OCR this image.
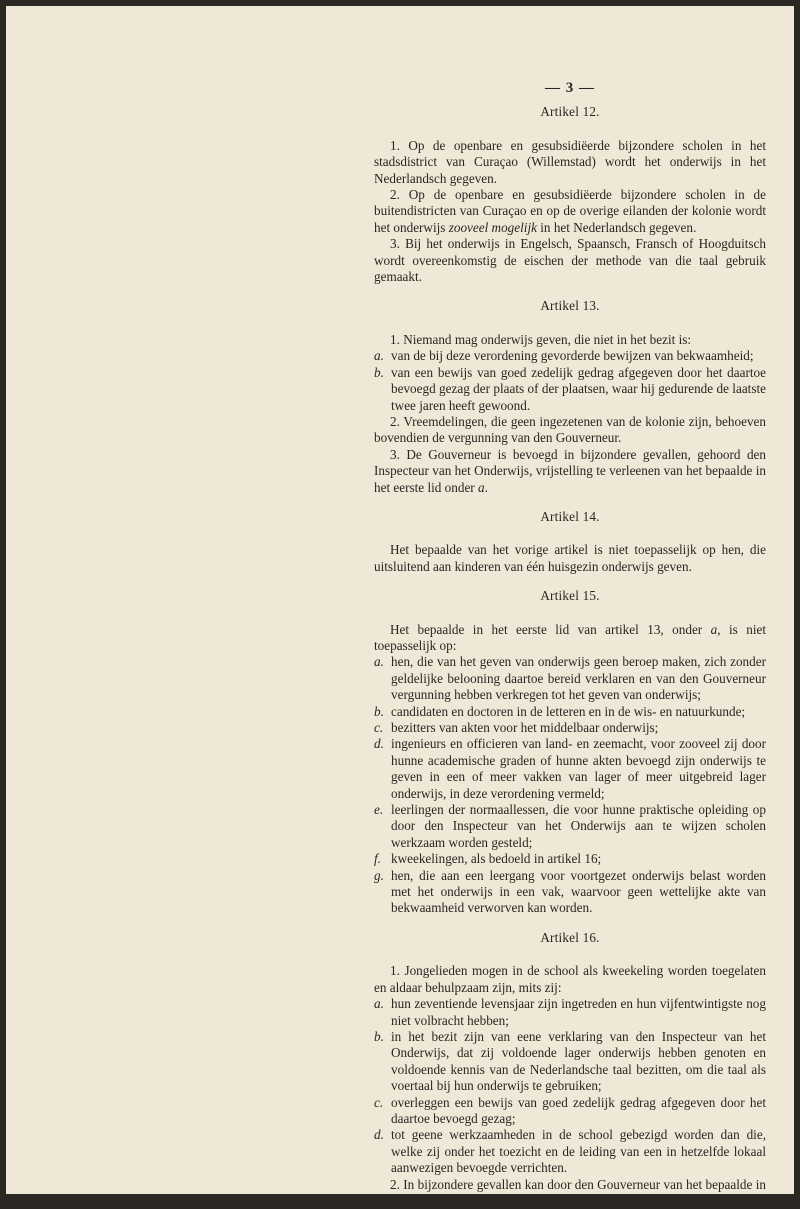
— 3 —
Artikel 12.

1. Op de openbare en gesubsidiëerde bijzondere scholen in het stadsdistrict van Curaçao (Willemstad) wordt het onderwijs in het Nederlandsch gegeven.

2. Op de openbare en gesubsidiëerde bijzondere scholen in de buitendistricten van Curaçao en op de overige eilanden der kolonie wordt het onderwijs zooveel mogelijk in het Nederlandsch gegeven.

3. Bij het onderwijs in Engelsch, Spaansch, Fransch of Hoogduitsch wordt overeenkomstig de eischen der methode van die taal gebruik gemaakt.

Artikel 13.

1. Niemand mag onderwijs geven, die niet in het bezit is:

a. van de bij deze verordening gevorderde bewijzen van bekwaamheid;
b. van een bewijs van goed zedelijk gedrag afgegeven door het daartoe bevoegd gezag der plaats of der plaatsen, waar hij gedurende de laatste twee jaren heeft gewoond.

2. Vreemdelingen, die geen ingezetenen van de kolonie zijn, behoeven bovendien de vergunning van den Gouverneur.

3. De Gouverneur is bevoegd in bijzondere gevallen, gehoord den Inspecteur van het Onderwijs, vrijstelling te verleenen van het bepaalde in het eerste lid onder a.

Artikel 14.

Het bepaalde van het vorige artikel is niet toepasselijk op hen, die uitsluitend aan kinderen van één huisgezin onderwijs geven.

Artikel 15.

Het bepaalde in het eerste lid van artikel 13, onder a, is niet toepasselijk op:

a. hen, die van het geven van onderwijs geen beroep maken, zich zonder geldelijke belooning daartoe bereid verklaren en van den Gouverneur vergunning hebben verkregen tot het geven van onderwijs;
b. candidaten en doctoren in de letteren en in de wis- en natuurkunde;
c. bezitters van akten voor het middelbaar onderwijs;
d. ingenieurs en officieren van land- en zeemacht, voor zooveel zij door hunne academische graden of hunne akten bevoegd zijn onderwijs te geven in een of meer vakken van lager of meer uitgebreid lager onderwijs, in deze verordening vermeld;
e. leerlingen der normaallessen, die voor hunne praktische opleiding op door den Inspecteur van het Onderwijs aan te wijzen scholen werkzaam worden gesteld;
f. kweekelingen, als bedoeld in artikel 16;
g. hen, die aan een leergang voor voortgezet onderwijs belast worden met het onderwijs in een vak, waarvoor geen wettelijke akte van bekwaamheid verworven kan worden.
Artikel 16.

1. Jongelieden mogen in de school als kweekeling worden toegelaten en aldaar behulpzaam zijn, mits zij:

a. hun zeventiende levensjaar zijn ingetreden en hun vijfentwintigste nog niet volbracht hebben;
b. in het bezit zijn van eene verklaring van den Inspecteur van het Onderwijs, dat zij voldoende lager onderwijs hebben genoten en voldoende kennis van de Nederlandsche taal bezitten, om die taal als voertaal bij hun onderwijs te gebruiken;
c. overleggen een bewijs van goed zedelijk gedrag afgegeven door het daartoe bevoegd gezag;
d. tot geene werkzaamheden in de school gebezigd worden dan die, welke zij onder het toezicht en de leiding van een in hetzelfde lokaal aanwezigen bevoegde verrichten.

2. In bijzondere gevallen kan door den Gouverneur van het bepaalde in het eerste lid, onder a, vrijstelling worden verleend.
